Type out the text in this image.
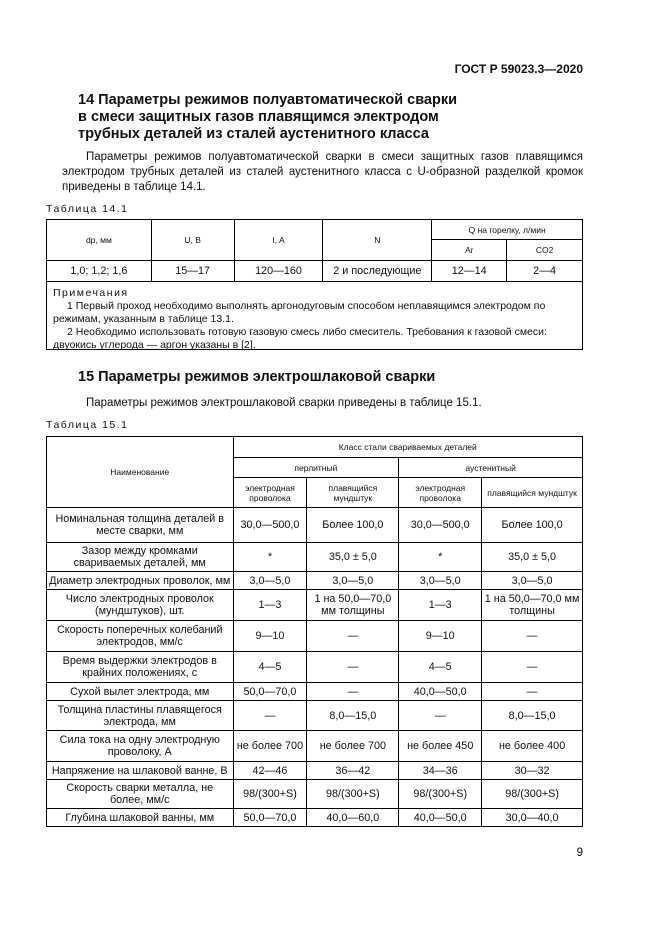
ГОСТ Р 59023.3—2020
14 Параметры режимов полуавтоматической сварки
в смеси защитных газов плавящимся электродом
трубных деталей из сталей аустенитного класса

Параметры режимов полуавтоматической сварки в смеси защитных газов плавящимся электродом трубных деталей из сталей аустенитного класса с U-образной разделкой кромок приведены в таблице 14.1.

Таблица 14.1
dp, мм	U, B	I, A	N	Q на горелку, л/мин	
				Ar	CO2
1,0; 1,2; 1,6	15—17	120—160	2 и последующие	12—14	2—4
Примечания
1 Первый проход необходимо выполнять аргонодуговым способом неплавящимся электродом по режимам, указанным в таблице 13.1.
2 Необходимо использовать готовую газовую смесь либо смеситель. Требования к газовой смеси: двуокись углерода — аргон указаны в [2].
15 Параметры режимов электрошлаковой сварки

Параметры режимов электрошлаковой сварки приведены в таблице 15.1.

Таблица 15.1
Наименование	Класс стали свариваемых деталей			
	перлитный		аустенитный	
	электродная проволока	плавящийся мундштук	электродная проволока	плавящийся мундштук
Номинальная толщина деталей в месте сварки, мм	30,0—500,0	Более 100,0	30,0—500,0	Более 100,0
Зазор между кромками свариваемых деталей, мм	*	35,0 ± 5,0	*	35,0 ± 5,0
Диаметр электродных проволок, мм	3,0—5,0	3,0—5,0	3,0—5,0	3,0—5,0
Число электродных проволок (мундштуков), шт.	1—3	1 на 50,0—70,0 мм толщины	1—3	1 на 50,0—70,0 мм толщины
Скорость поперечных колебаний электродов, мм/с	9—10	—	9—10	—
Время выдержки электродов в крайних положениях, с	4—5	—	4—5	—
Сухой вылет электрода, мм	50,0—70,0	—	40,0—50,0	—
Толщина пластины плавящегося электрода, мм	—	8,0—15,0	—	8,0—15,0
Сила тока на одну электродную проволоку, А	не более 700	не более 700	не более 450	не более 400
Напряжение на шлаковой ванне, В	42—46	36—42	34—36	30—32
Скорость сварки металла, не более, мм/с	98/(300+S)	98/(300+S)	98/(300+S)	98/(300+S)
Глубина шлаковой ванны, мм	50,0—70,0	40,0—60,0	40,0—50,0	30,0—40,0
9
